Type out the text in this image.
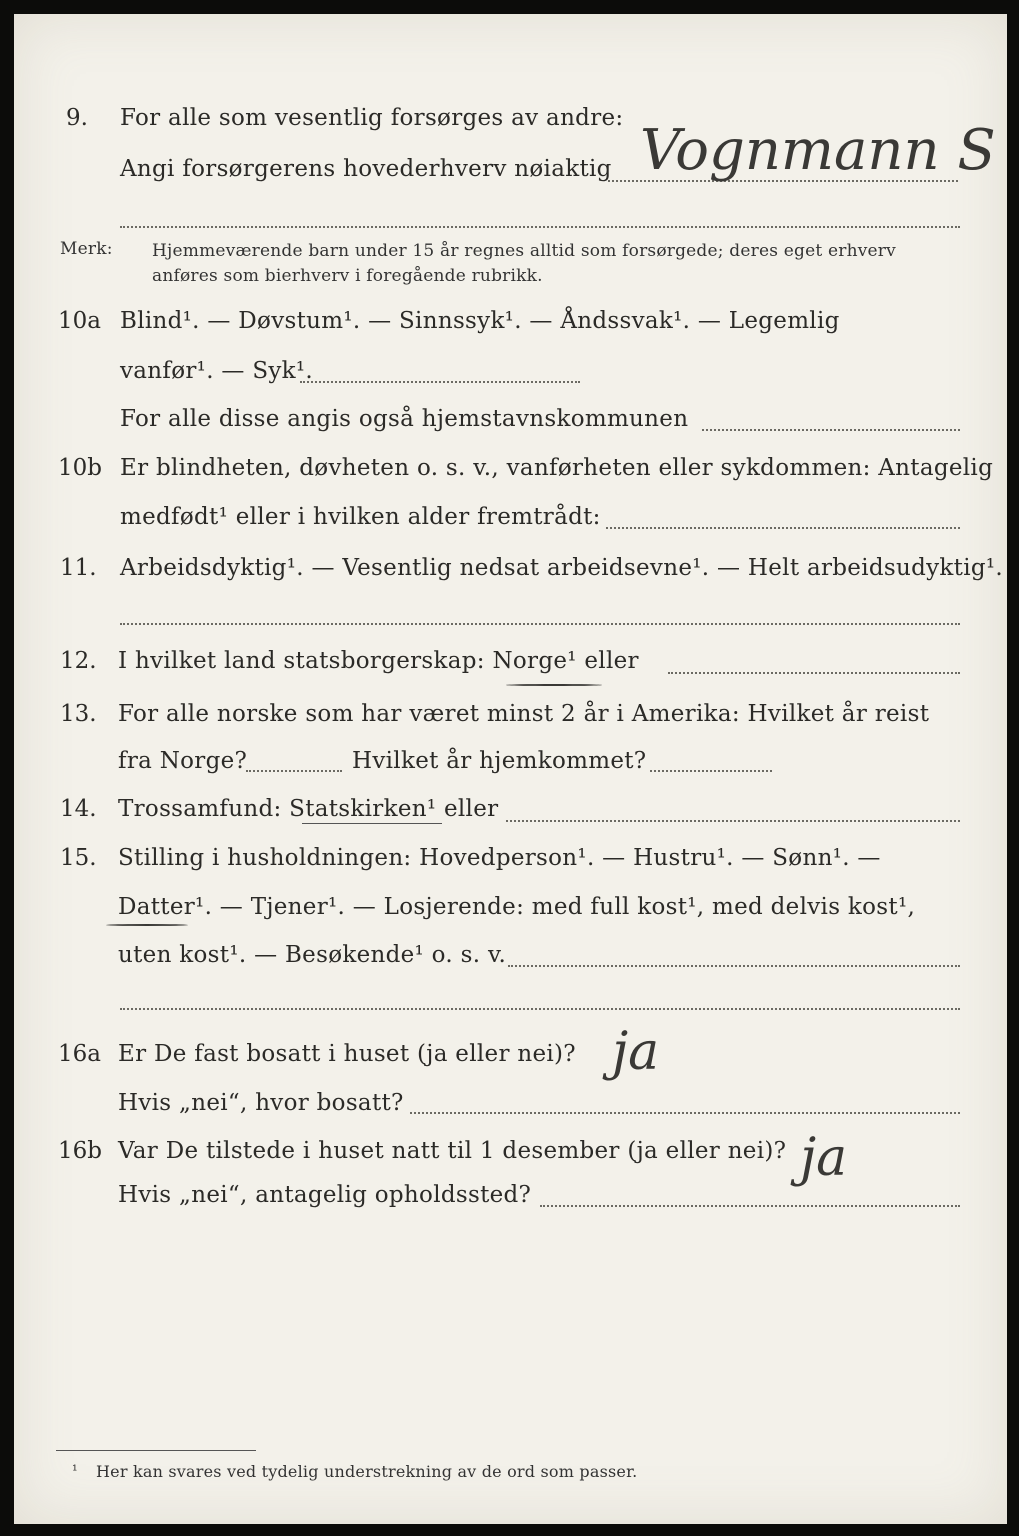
9. For alle som vesentlig forsørges av andre:
Angi forsørgerens hovederhverv nøiaktig Vognmann S
Merk: Hjemmeværende barn under 15 år regnes alltid som forsørgede; deres eget erhverv
anføres som bierhverv i foregående rubrikk.
10a Blind¹. — Døvstum¹. — Sinnssyk¹. — Åndssvak¹. — Legemlig
vanfør¹. — Syk¹.
For alle disse angis også hjemstavnskommunen
10b Er blindheten, døvheten o. s. v., vanførheten eller sykdommen: Antagelig
medfødt¹ eller i hvilken alder fremtrådt:
11. Arbeidsdyktig¹. — Vesentlig nedsat arbeidsevne¹. — Helt arbeidsudyktig¹.
12. I hvilket land statsborgerskap: Norge¹ eller
13. For alle norske som har været minst 2 år i Amerika: Hvilket år reist
fra Norge?	Hvilket år hjemkommet?
14. Trossamfund: Statskirken¹ eller
15. Stilling i husholdningen: Hovedperson¹. — Hustru¹. — Sønn¹. —
Datter¹. — Tjener¹. — Losjerende: med full kost¹, med delvis kost¹,
uten kost¹. — Besøkende¹ o. s. v.
16a Er De fast bosatt i huset (ja eller nei)? ja
Hvis „nei“, hvor bosatt?
16b Var De tilstede i huset natt til 1 desember (ja eller nei)? ja
Hvis „nei“, antagelig opholdssted?
¹ Her kan svares ved tydelig understrekning av de ord som passer.
